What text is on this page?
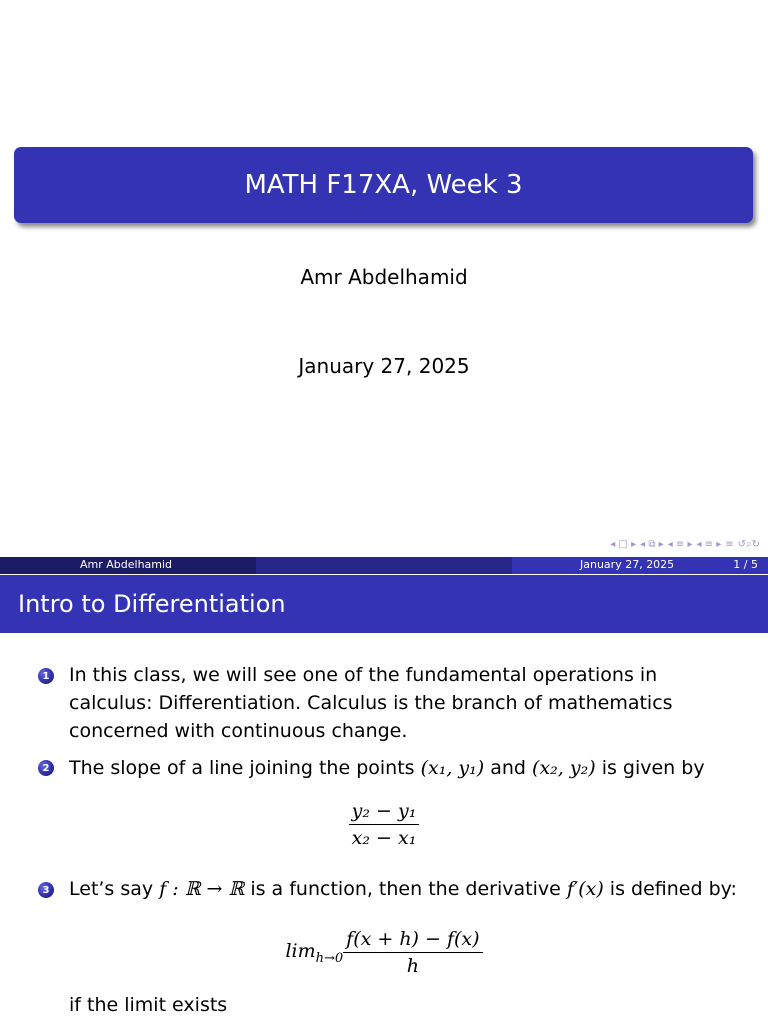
MATH F17XA, Week 3
Amr Abdelhamid
January 27, 2025
◂ □ ▸ ◂ ⧉ ▸ ◂ ≡ ▸ ◂ ≡ ▸ ≡ ↺⌕↻
Amr Abdelhamid	January 27, 2025	1 / 5
Intro to Differentiation
1 In this class, we will see one of the fundamental operations in calculus: Differentiation. Calculus is the branch of mathematics concerned with continuous change.
2 The slope of a line joining the points (x₁, y₁) and (x₂, y₂) is given by
$\frac{\text{y₂ − y₁}}{\text{x₂ − x₁}}$
3 Let’s say f : ℝ → ℝ is a function, then the derivative f′(x) is defined by:
$\lim_{h\to 0} \frac{f(x + h) - f(x)}{h}$
if the limit exists
